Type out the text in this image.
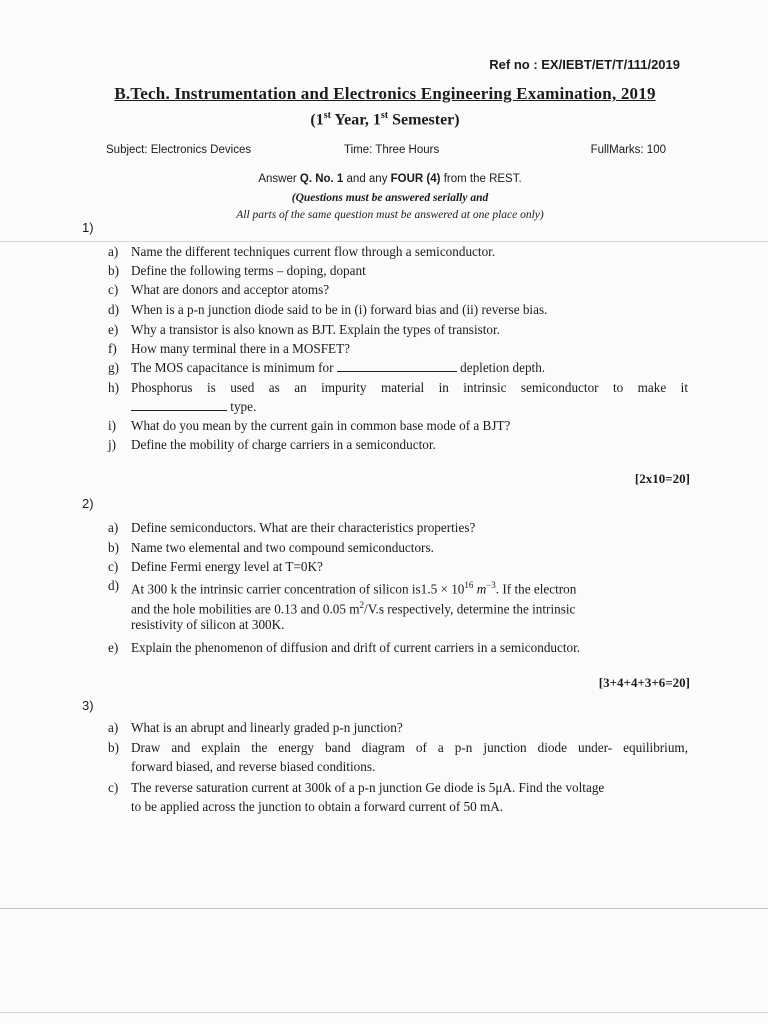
Ref no : EX/IEBT/ET/T/111/2019
B.Tech. Instrumentation and Electronics Engineering Examination, 2019
(1st Year, 1st Semester)
Subject: Electronics Devices	Time: Three Hours	FullMarks: 100
Answer Q. No. 1 and any FOUR (4) from the REST.
(Questions must be answered serially and
All parts of the same question must be answered at one place only)
1)
a) Name the different techniques current flow through a semiconductor.
b) Define the following terms – doping, dopant
c) What are donors and acceptor atoms?
d) When is a p-n junction diode said to be in (i) forward bias and (ii) reverse bias.
e) Why a transistor is also known as BJT. Explain the types of transistor.
f)	How many terminal there in a MOSFET?
g) The MOS capacitance is minimum for	depletion depth.
h) Phosphorus is used as an impurity material in intrinsic semiconductor to make it
type.
i)	What do you mean by the current gain in common base mode of a BJT?
j)	Define the mobility of charge carriers in a semiconductor.
[2x10=20]
2)
a) Define semiconductors. What are their characteristics properties?
b) Name two elemental and two compound semiconductors.
c) Define Fermi energy level at T=0K?
d) At 300 k the intrinsic carrier concentration of silicon $is1.5 \times 10^{16}$ $m^{-3}$. If the electron
and the hole mobilities are 0.13 and 0.05 $m^2/V.s$ respectively, determine the intrinsic
resistivity of silicon at 300K.
e) Explain the phenomenon of diffusion and drift of current carriers in a semiconductor.
[3+4+4+3+6=20]
3)
a) What is an abrupt and linearly graded p-n junction?
b) Draw and explain the energy band diagram of a p-n junction diode under- equilibrium,
forward biased, and reverse biased conditions.
c) The reverse saturation current at 300k of a p-n junction Ge diode is 5μA. Find the voltage
to be applied across the junction to obtain a forward current of 50 mA.
